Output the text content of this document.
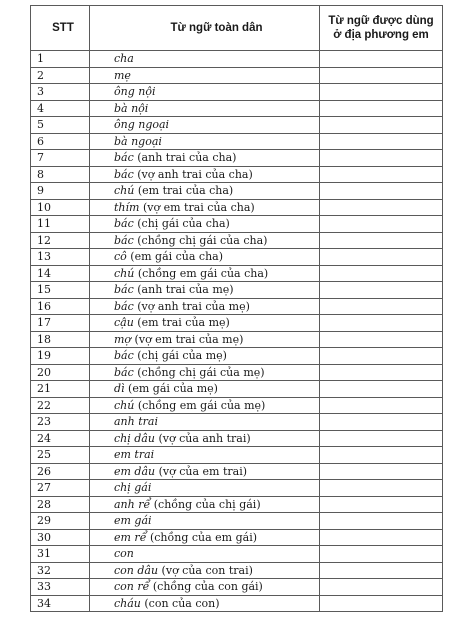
STT	Từ ngữ toàn dân	Từ ngữ được dùng
ở địa phương em
1	cha	
2	mẹ	
3	ông nội	
4	bà nội	
5	ông ngoại	
6	bà ngoại	
7	bác (anh trai của cha)	
8	bác (vợ anh trai của cha)	
9	chú (em trai của cha)	
10	thím (vợ em trai của cha)	
11	bác (chị gái của cha)	
12	bác (chồng chị gái của cha)	
13	cô (em gái của cha)	
14	chú (chồng em gái của cha)	
15	bác (anh trai của mẹ)	
16	bác (vợ anh trai của mẹ)	
17	cậu (em trai của mẹ)	
18	mợ (vợ em trai của mẹ)	
19	bác (chị gái của mẹ)	
20	bác (chồng chị gái của mẹ)	
21	dì (em gái của mẹ)	
22	chú (chồng em gái của mẹ)	
23	anh trai	
24	chị dâu (vợ của anh trai)	
25	em trai	
26	em dâu (vợ của em trai)	
27	chị gái	
28	anh rể (chồng của chị gái)	
29	em gái	
30	em rể (chồng của em gái)	
31	con	
32	con dâu (vợ của con trai)	
33	con rể (chồng của con gái)	
34	cháu (con của con)	
